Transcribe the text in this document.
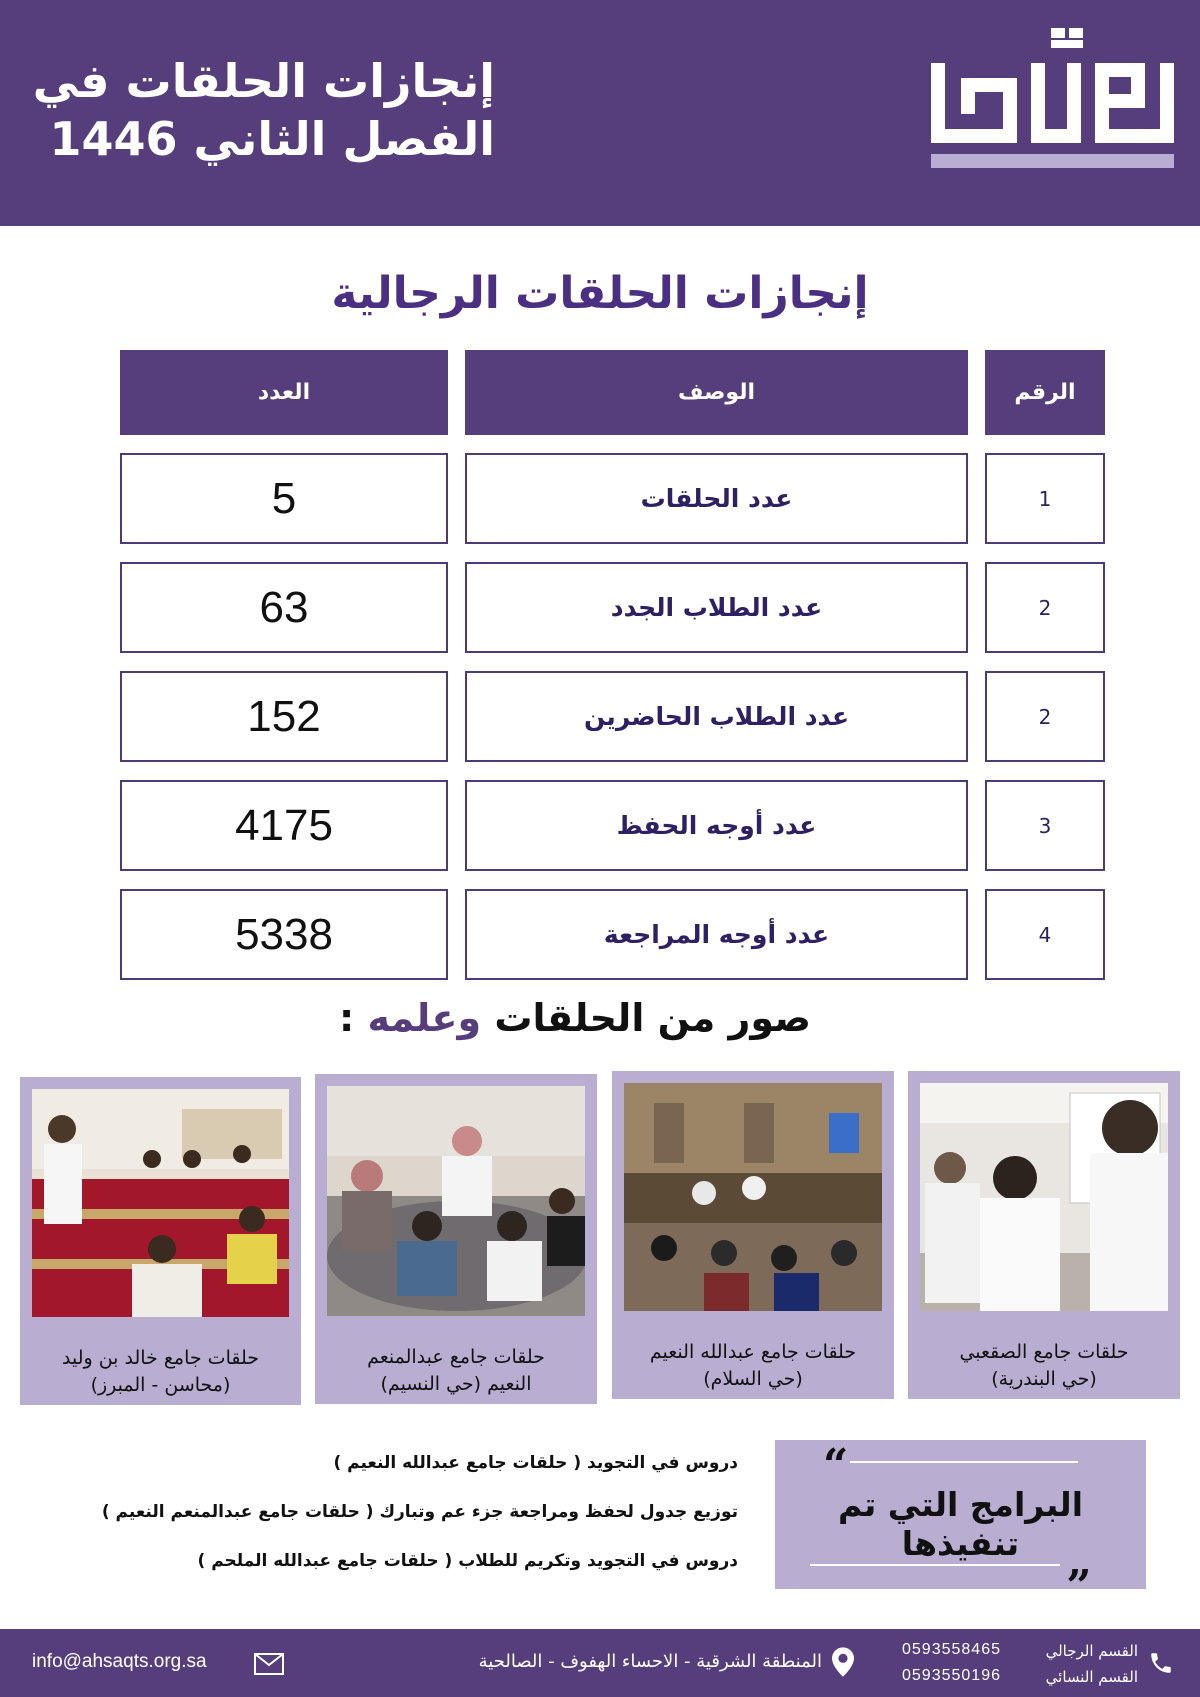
إنجازات الحلقات في
الفصل الثاني 1446
إنجازات الحلقات الرجالية
الرقم
الوصف
العدد
1
عدد الحلقات
5
2
عدد الطلاب الجدد
63
2
عدد الطلاب الحاضرين
152
3
عدد أوجه الحفظ
4175
4
عدد أوجه المراجعة
5338
صور من الحلقات وعلمه :
حلقات جامع الصقعبي
(حي البندرية)
حلقات جامع عبدالله النعيم
(حي السلام)
حلقات جامع عبدالمنعم
النعيم (حي النسيم)
حلقات جامع خالد بن وليد
(محاسن - المبرز)
“
البرامج التي تم تنفيذها	„
دروس في التجويد ( حلقات جامع عبدالله النعيم )
توزيع جدول لحفظ ومراجعة جزء عم وتبارك ( حلقات جامع عبدالمنعم النعيم )
دروس في التجويد وتكريم للطلاب ( حلقات جامع عبدالله الملحم )
القسم الرجالي
0593558465
القسم النسائي
0593550196
المنطقة الشرقية - الاحساء الهفوف - الصالحية
info@ahsaqts.org.sa
